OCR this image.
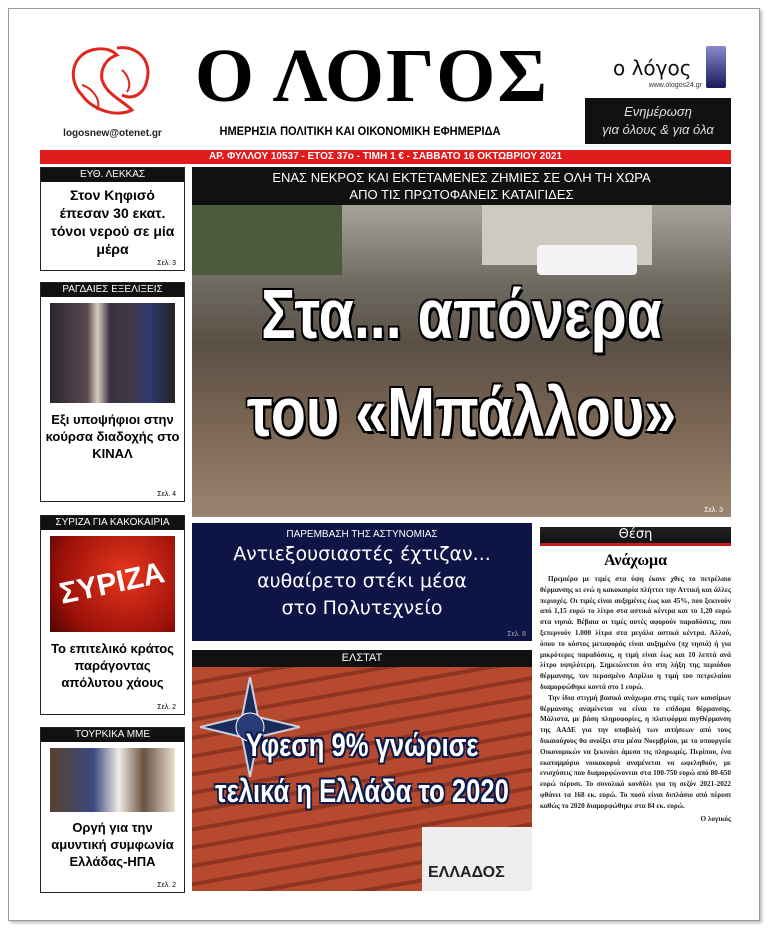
logosnew@otenet.gr
Ο ΛΟΓΟΣ
ΗΜΕΡΗΣΙΑ ΠΟΛΙΤΙΚΗ ΚΑΙ ΟΙΚΟΝΟΜΙΚΗ ΕΦΗΜΕΡΙΔΑ
ο λόγος
www.ologos24.gr
Ενημέρωση
για όλους & για όλα
ΑΡ. ΦΥΛΛΟΥ 10537 - ΕΤΟΣ 37ο - ΤΙΜΗ 1 € - ΣΑΒΒΑΤΟ 16 ΟΚΤΩΒΡΙΟΥ 2021
ΕΥΘ. ΛΕΚΚΑΣ
Στον Κηφισό έπεσαν 30 εκατ. τόνοι νερού σε μία μέρα
Σελ. 3
ΡΑΓΔΑΙΕΣ ΕΞΕΛΙΞΕΙΣ
Εξι υποψήφιοι στην κούρσα διαδοχής στο ΚΙΝΑΛ
Σελ. 4
ΣΥΡΙΖΑ ΓΙΑ ΚΑΚΟΚΑΙΡΙΑ
ΣΥΡΙΖΑ
Το επιτελικό κράτος παράγοντας απόλυτου χάους
Σελ. 2
ΤΟΥΡΚΙΚΑ ΜΜΕ
Οργή για την αμυντική συμφωνία Ελλάδας-ΗΠΑ
Σελ. 2
ΕΝΑΣ ΝΕΚΡΟΣ ΚΑΙ ΕΚΤΕΤΑΜΕΝΕΣ ΖΗΜΙΕΣ ΣΕ ΟΛΗ ΤΗ ΧΩΡΑ
ΑΠΟ ΤΙΣ ΠΡΩΤΟΦΑΝΕΙΣ ΚΑΤΑΙΓΙΔΕΣ
Στα... απόνερα
του «Μπάλλου»
Σελ. 3
ΠΑΡΕΜΒΑΣΗ ΤΗΣ ΑΣΤΥΝΟΜΙΑΣ
Αντιεξουσιαστές έχτιζαν...
αυθαίρετο στέκι μέσα
στο Πολυτεχνείο
Σελ. 8
ΕΛΣΤΑΤ
ΕΛΛΑΔΟΣ
Υφεση 9% γνώρισε
τελικά η Ελλάδα το 2020
Θέση
Ανάχωμα

Πρεμιέρα με τιμές στα ύψη έκανε χθες το πετρέλαιο θέρμανσης κι ενώ η κακοκαιρία πλήττει την Αττική και άλλες περιοχές. Οι τιμές είναι αυξημένες έως και 45%, που ξεκινούν από 1,15 ευρώ το λίτρο στα αστικά κέντρα και το 1,20 ευρώ στα νησιά. Βέβαια οι τιμές αυτές αφορούν παραδόσεις, που ξεπερνούν 1.000 λίτρα στα μεγάλα αστικά κέντρα. Αλλού, όπου το κόστος μεταφοράς είναι αυξημένο (πχ νησιά) ή για μικρότερες παραδόσεις, η τιμή είναι έως και 10 λεπτά ανά λίτρο υψηλότερη. Σημειώνεται ότι στη λήξη της περιόδου θέρμανσης, τον περασμένο Απρίλιο η τιμή του πετρελαίου διαμορφώθηκε κοντά στο 1 ευρώ.

Την ίδια στιγμή βασικό ανάχωμα στις τιμές των καυσίμων θέρμανσης αναμένεται να είναι το επίδομα θέρμανσης. Μάλιστα, με βάση πληροφορίες, η πλατφόρμα myΘέρμανση της ΑΑΔΕ για την υποβολή των αιτήσεων από τους δικαιούχους θα ανοίξει στα μέσα Νοεμβρίου, με το υπουργείο Οικονομικών να ξεκινάει άμεσα τις πληρωμές. Περίπου, ένα εκατομμύριο νοικοκυριά αναμένεται να ωφεληθούν, με ενισχύσεις που διαμορφώνονται στα 100-750 ευρώ από 80-650 ευρώ πέρυσι. Το συνολικό κονδύλι για τη σεζόν 2021-2022 φθάνει τα 168 εκ. ευρώ. Το ποσό είναι διπλάσιο από πέρυσι καθώς το 2020 διαμορφώθηκε στα 84 εκ. ευρώ.

Ο λογικός
